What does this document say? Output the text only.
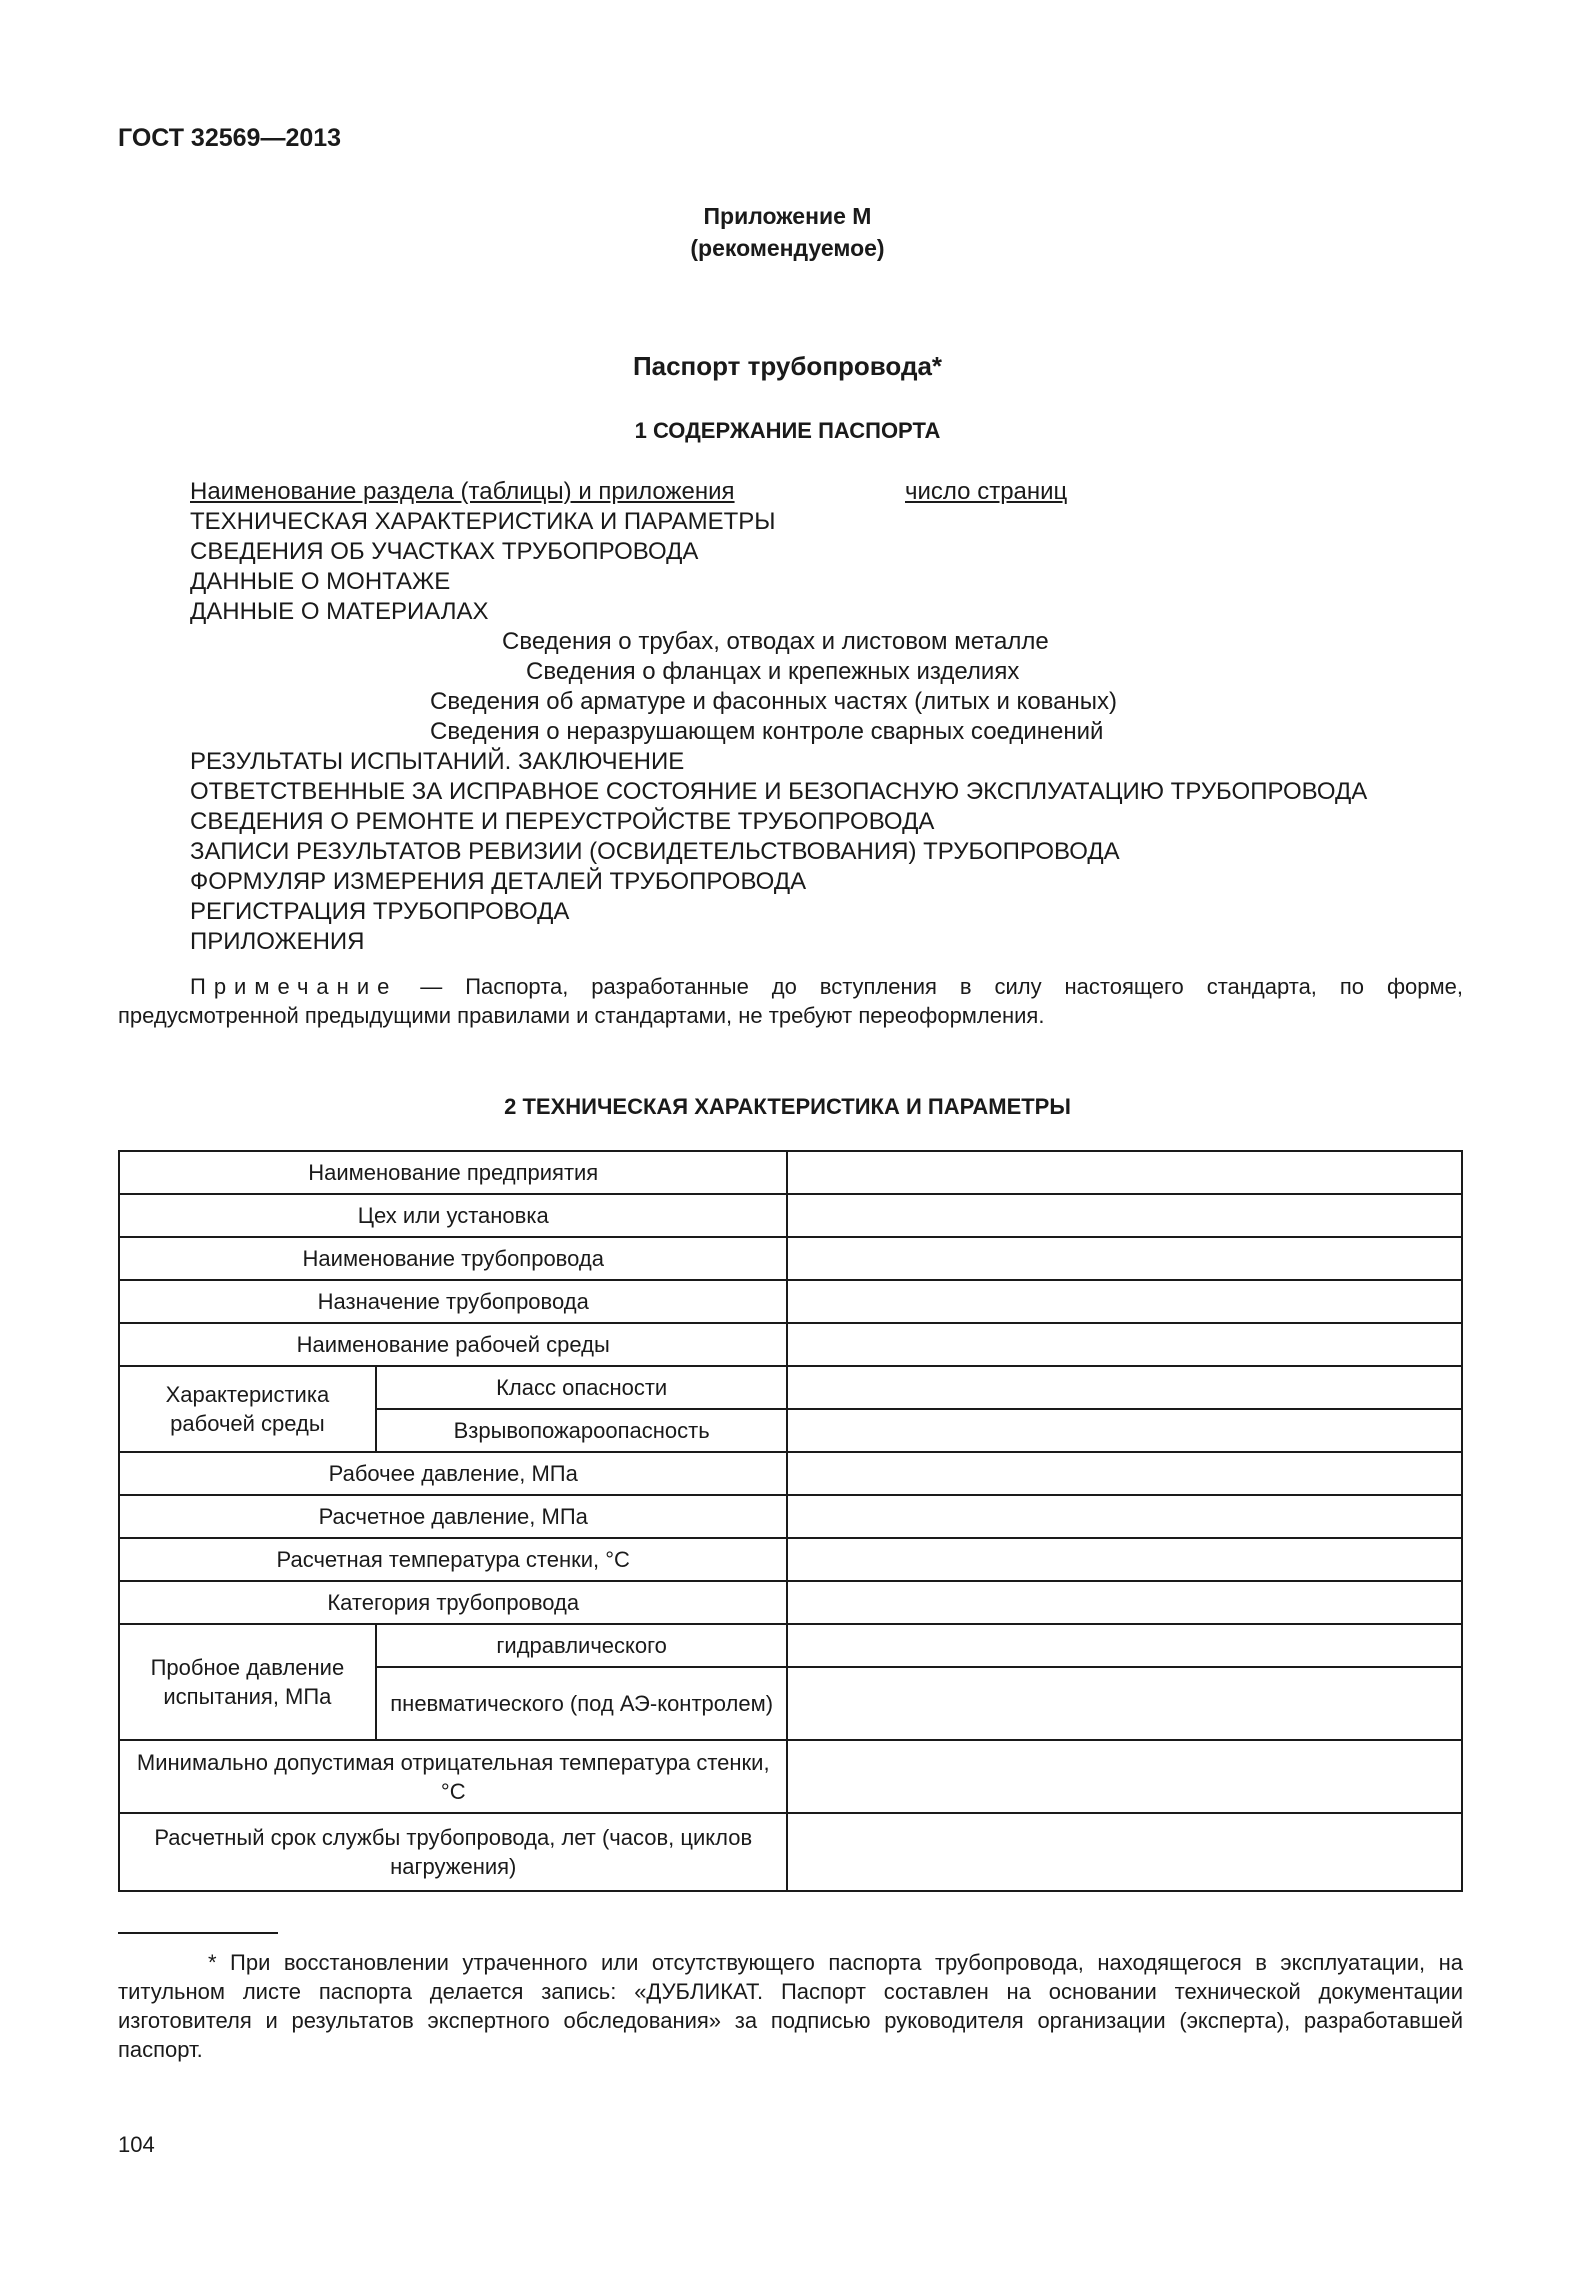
ГОСТ 32569—2013
Приложение М
(рекомендуемое)
Паспорт трубопровода*
1 СОДЕРЖАНИЕ ПАСПОРТА
Наименование раздела (таблицы) и приложения	число страниц
ТЕХНИЧЕСКАЯ ХАРАКТЕРИСТИКА И ПАРАМЕТРЫ
СВЕДЕНИЯ ОБ УЧАСТКАХ ТРУБОПРОВОДА
ДАННЫЕ О МОНТАЖЕ
ДАННЫЕ О МАТЕРИАЛАХ
Сведения о трубах, отводах и листовом металле
Сведения о фланцах и крепежных изделиях
Сведения об арматуре и фасонных частях (литых и кованых)
Сведения о неразрушающем контроле сварных соединений
РЕЗУЛЬТАТЫ ИСПЫТАНИЙ. ЗАКЛЮЧЕНИЕ
ОТВЕТСТВЕННЫЕ ЗА ИСПРАВНОЕ СОСТОЯНИЕ И БЕЗОПАСНУЮ ЭКСПЛУАТАЦИЮ ТРУБОПРОВОДА
СВЕДЕНИЯ О РЕМОНТЕ И ПЕРЕУСТРОЙСТВЕ ТРУБОПРОВОДА
ЗАПИСИ РЕЗУЛЬТАТОВ РЕВИЗИИ (ОСВИДЕТЕЛЬСТВОВАНИЯ) ТРУБОПРОВОДА
ФОРМУЛЯР ИЗМЕРЕНИЯ ДЕТАЛЕЙ ТРУБОПРОВОДА
РЕГИСТРАЦИЯ ТРУБОПРОВОДА
ПРИЛОЖЕНИЯ
Примечание — Паспорта, разработанные до вступления в силу настоящего стандарта, по форме, предусмотренной предыдущими правилами и стандартами, не требуют переоформления.
2 ТЕХНИЧЕСКАЯ ХАРАКТЕРИСТИКА И ПАРАМЕТРЫ
Наименование предприятия		
Цех или установка		
Наименование трубопровода		
Назначение трубопровода		
Наименование рабочей среды		
Характеристика рабочей среды	Класс опасности	
	Взрывопожароопасность	
Рабочее давление, МПа		
Расчетное давление, МПа		
Расчетная температура стенки, °С		
Категория трубопровода		
Пробное давление испытания, МПа	гидравлического	
	пневматического (под АЭ-контролем)	
Минимально допустимая отрицательная температура стенки, °С		
Расчетный срок службы трубопровода, лет (часов, циклов нагружения)		
* При восстановлении утраченного или отсутствующего паспорта трубопровода, находящегося в эксплуатации, на титульном листе паспорта делается запись: «ДУБЛИКАТ. Паспорт составлен на основании технической документации изготовителя и результатов экспертного обследования» за подписью руководителя организации (эксперта), разработавшей паспорт.
104
